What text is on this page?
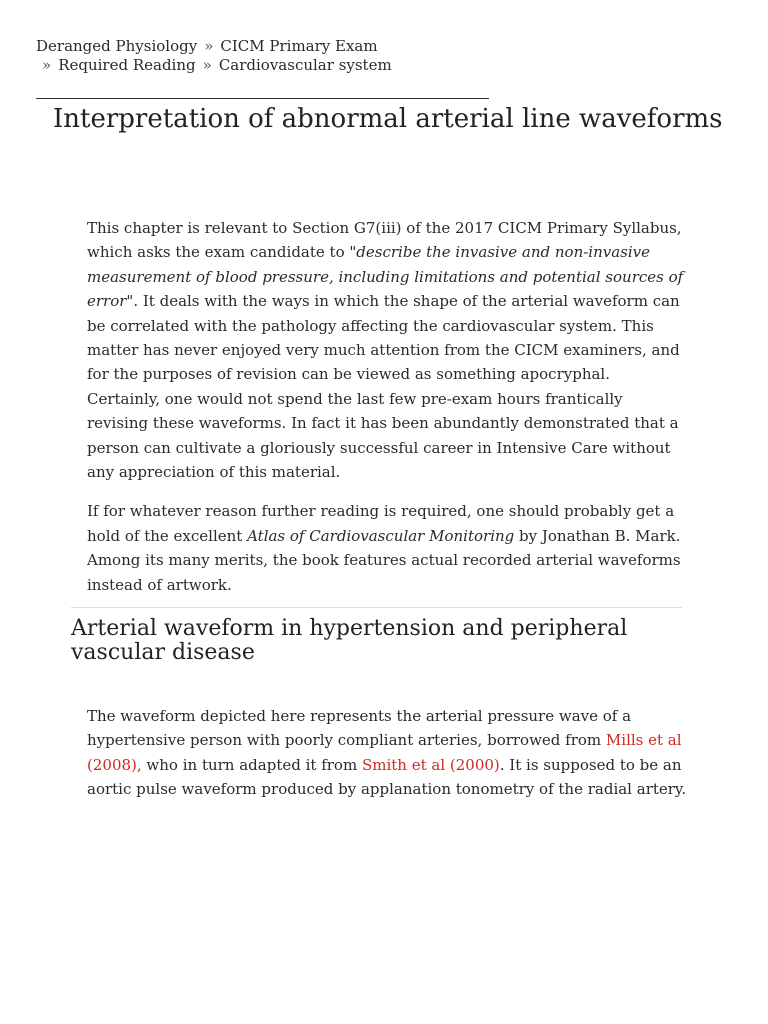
Deranged Physiology » CICM Primary Exam
» Required Reading » Cardiovascular system
Interpretation of abnormal arterial line waveforms

This chapter is relevant to Section G7(iii) of the 2017 CICM Primary Syllabus, which asks the exam candidate to "describe the invasive and non-invasive measurement of blood pressure, including limitations and potential sources of error". It deals with the ways in which the shape of the arterial waveform can be correlated with the pathology affecting the cardiovascular system. This matter has never enjoyed very much attention from the CICM examiners, and for the purposes of revision can be viewed as something apocryphal. Certainly, one would not spend the last few pre-exam hours frantically revising these waveforms. In fact it has been abundantly demonstrated that a person can cultivate a gloriously successful career in Intensive Care without any appreciation of this material.

If for whatever reason further reading is required, one should probably get a hold of the excellent Atlas of Cardiovascular Monitoring by Jonathan B. Mark. Among its many merits, the book features actual recorded arterial waveforms instead of artwork.

Arterial waveform in hypertension and peripheral vascular disease

The waveform depicted here represents the arterial pressure wave of a hypertensive person with poorly compliant arteries, borrowed from Mills et al (2008), who in turn adapted it from Smith et al (2000). It is supposed to be an aortic pulse waveform produced by applanation tonometry of the radial artery.
